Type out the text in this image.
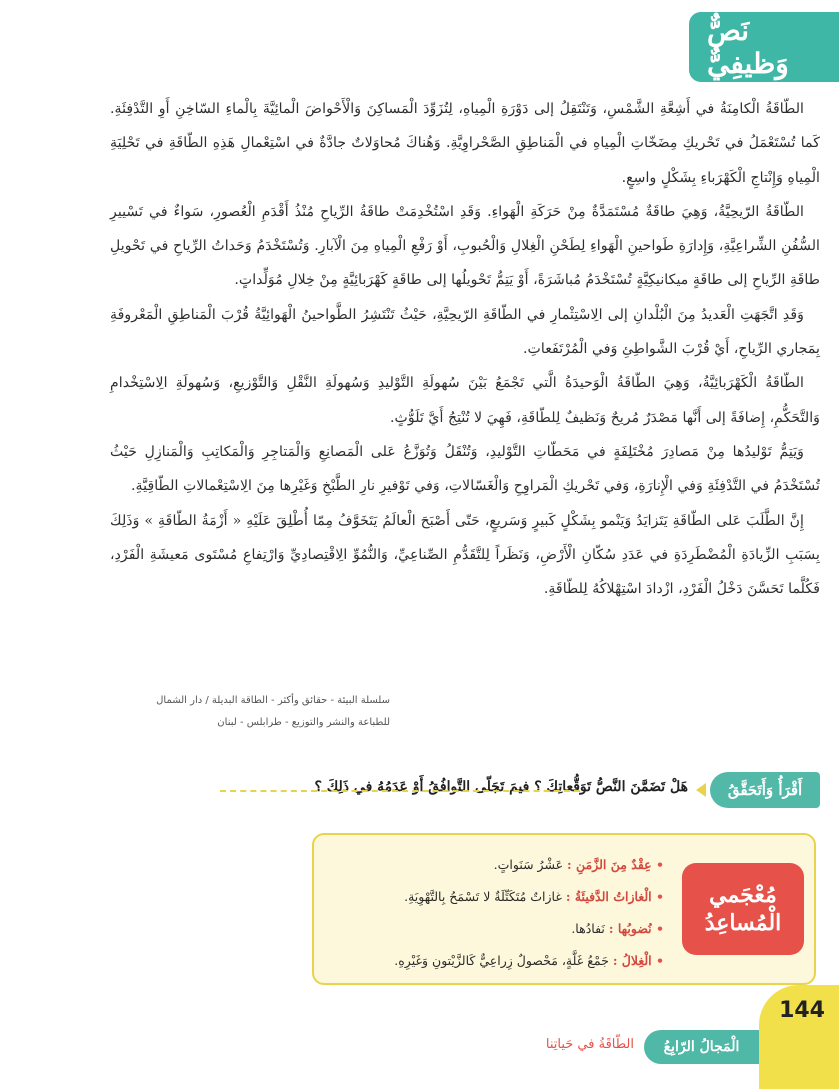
نَصٌّ وَظيفِيٌّ

الطّاقَةُ الْكامِنَةُ في أَشِعَّةِ الشَّمْسِ، وَتَنْتَقِلُ إلى دَوْرَةِ الْمِياهِ، لِتُزَوِّدَ الْمَساكِنَ وَالْأَحْواضَ الْمائِيَّةَ بِالْماءِ السّاخِنِ أَوِ التَّدْفِئَةِ. كَما تُسْتَعْمَلُ في تَحْريكِ مِضَخّاتِ الْمِياهِ في الْمَناطِقِ الصَّحْراوِيَّةِ. وَهُناكَ مُحاوَلاتٌ جادَّةٌ في اسْتِعْمالِ هَذِهِ الطّاقَةِ في تَحْلِيَةِ الْمِياهِ وَإِنْتاجِ الْكَهْرَباءِ بِشَكْلٍ واسِعٍ.

الطّاقَةُ الرّيحِيَّةُ، وَهِيَ طاقَةٌ مُسْتَمَدَّةٌ مِنْ حَرَكَةِ الْهَواءِ. وَقَدِ اسْتُخْدِمَتْ طاقَةُ الرِّياحِ مُنْذُ أَقْدَمِ الْعُصورِ، سَواءٌ في تَسْييرِ السُّفُنِ الشِّراعِيَّةِ، وَإِدارَةِ طَواحينِ الْهَواءِ لِطَحْنِ الْغِلالِ وَالْحُبوبِ، أَوْ رَفْعِ الْمِياهِ مِنَ الْآبارِ. وَتُسْتَخْدَمُ وَحَداتُ الرِّياحِ في تَحْويلِ طاقَةِ الرِّياحِ إلى طاقَةٍ ميكانيكِيَّةٍ تُسْتَخْدَمُ مُباشَرَةً، أَوْ يَتِمُّ تَحْويلُها إلى طاقَةٍ كَهْرَبائِيَّةٍ مِنْ خِلالِ مُوَلِّداتٍ.

وَقَدِ اتَّجَهَتِ الْعَديدُ مِنَ الْبُلْدانِ إلى الِاسْتِثْمارِ في الطّاقَةِ الرّيحِيَّةِ، حَيْثُ تَنْتَشِرُ الطَّواحينُ الْهَوائِيَّةُ قُرْبَ الْمَناطِقِ الْمَعْروفَةِ بِمَجاري الرِّياحِ، أَيْ قُرْبَ الشَّواطِئِ وَفي الْمُرْتَفَعاتِ.

الطّاقَةُ الْكَهْرَبائِيَّةُ، وَهِيَ الطّاقَةُ الْوَحيدَةُ الَّتي تَجْمَعُ بَيْنَ سُهولَةِ التَّوْليدِ وَسُهولَةِ النَّقْلِ وَالتَّوْزيعِ، وَسُهولَةِ الِاسْتِخْدامِ وَالتَّحَكُّمِ، إِضافَةً إلى أَنَّها مَصْدَرٌ مُريحٌ وَنَظيفٌ لِلطّاقَةِ، فَهِيَ لا تُنْتِجُ أَيَّ تَلَوُّثٍ.

وَيَتِمُّ تَوْليدُها مِنْ مَصادِرَ مُخْتَلِفَةٍ في مَحَطّاتِ التَّوْليدِ، وَتُنْقَلُ وَتُوَزَّعُ عَلى الْمَصانِعِ وَالْمَتاجِرِ وَالْمَكاتِبِ وَالْمَنازِلِ حَيْثُ تُسْتَخْدَمُ في التَّدْفِئَةِ وَفي الْإِنارَةِ، وَفي تَحْريكِ الْمَراوِحِ وَالْغَسّالاتِ، وَفي تَوْفيرِ نارِ الطَّبْخِ وَغَيْرِها مِنَ الِاسْتِعْمالاتِ الطّاقِيَّةِ.

إِنَّ الطَّلَبَ عَلى الطّاقَةِ يَتَزايَدُ وَيَنْمو بِشَكْلٍ كَبيرٍ وَسَريعٍ، حَتّى أَصْبَحَ الْعالَمُ يَتَخَوَّفُ مِمّا أُطْلِقَ عَلَيْهِ « أَزْمَةُ الطّاقَةِ » وَذَلِكَ بِسَبَبِ الزِّيادَةِ الْمُضْطَرِدَةِ في عَدَدِ سُكّانِ الْأَرْضِ، وَنَظَراً لِلتَّقَدُّمِ الصِّناعِيِّ، وَالنُّمُوِّ الِاقْتِصادِيِّ وَارْتِفاعِ مُسْتَوى مَعيشَةِ الْفَرْدِ، فَكُلَّما تَحَسَّنَ دَخْلُ الْفَرْدِ، ازْدادَ اسْتِهْلاكُهُ لِلطّاقَةِ.

سلسلة البيئة - حقائق وأكثر - الطاقة البديلة / دار الشمال
للطباعة والنشر والتوزيع - طرابلس - لبنان
أَقْرَأُ وَأَتَحَقَّقُ
هَلْ تَضَمَّنَ النَّصُّ تَوَقُّعاتِكَ ؟ فيمَ تَجَلّى التَّوافُقُ أَوْ عَدَمُهُ في ذَلِكَ ؟
مُعْجَمي
الْمُساعِدُ
• عِقْدٌ مِنَ الزَّمَنِ : عَشْرُ سَنَواتٍ.
• الْغازاتُ الدَّفيئَةُ : غازاتٌ مُتَكَتِّلَةٌ لا تَسْمَحُ بِالتَّهْوِيَةِ.
• نُضوبُها : نَفادُها.
• الْغِلالُ : جَمْعُ غَلَّةٍ، مَحْصولٌ زِراعِيٌّ كَالزَّيْتونِ وَغَيْرِهِ.
144
الْمَجالُ الرّابِعُ
الطّاقَةُ في حَياتِنا
